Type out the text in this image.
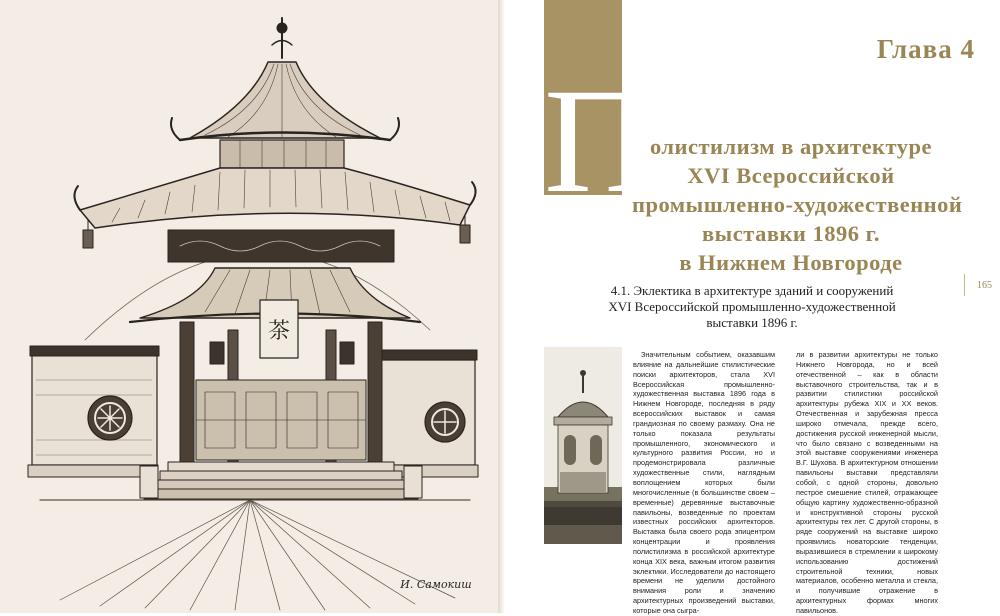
茶
И. Самокиш
П
Глава 4
олистилизм в архитектуре
XVI Всероссийской
промышленно-художественной
выставки 1896 г.
в Нижнем Новгороде
165
4.1. Эклектика в архитектуре зданий и сооружений
XVI Всероссийской промышленно-художественной
выставки 1896 г.

Значительным событием, оказавшим влияние на дальнейшие стилистические поиски архитекторов, стала XVI Всероссийская промышленно-художественная выставка 1896 года в Нижнем Новгороде, последняя в ряду всероссийских выставок и самая грандиозная по своему размаху. Она не только показала результаты промышленного, экономического и культурного развития России, но и продемонстрировала различные художественные стили, наглядным воплощением которых были многочисленные (в большинстве своем – временные) деревянные выставочные павильоны, возведенные по проектам известных российских архитекторов. Выставка была своего рода эпицентром концентрации и проявления полистилизма в российской архитектуре конца XIX века, важным итогом развития эклектики. Исследователи до настоящего времени не уделили достойного внимания роли и значению архитектурных произведений выставки, которые она сыгра-

ли в развитии архитектуры не только Нижнего Новгорода, но и всей отечественной – как в области выставочного строительства, так и в развитии стилистики российской архитектуры рубежа XIX и XX веков. Отечественная и зарубежная пресса широко отмечала, прежде всего, достижения русской инженерной мысли, что было связано с возведенными на этой выставке сооружениями инженера В.Г. Шухова. В архитектурном отношении павильоны выставки представляли собой, с одной стороны, довольно пестрое смешение стилей, отражающее общую картину художественно-образной и конструктивной стороны русской архитектуры тех лет. С другой стороны, в ряде сооружений на выставке широко проявились новаторские тенденции, выразившиеся в стремлении к широкому использованию достижений строительной техники, новых материалов, особенно металла и стекла, и получившие отражение в архитектурных формах многих павильонов.
